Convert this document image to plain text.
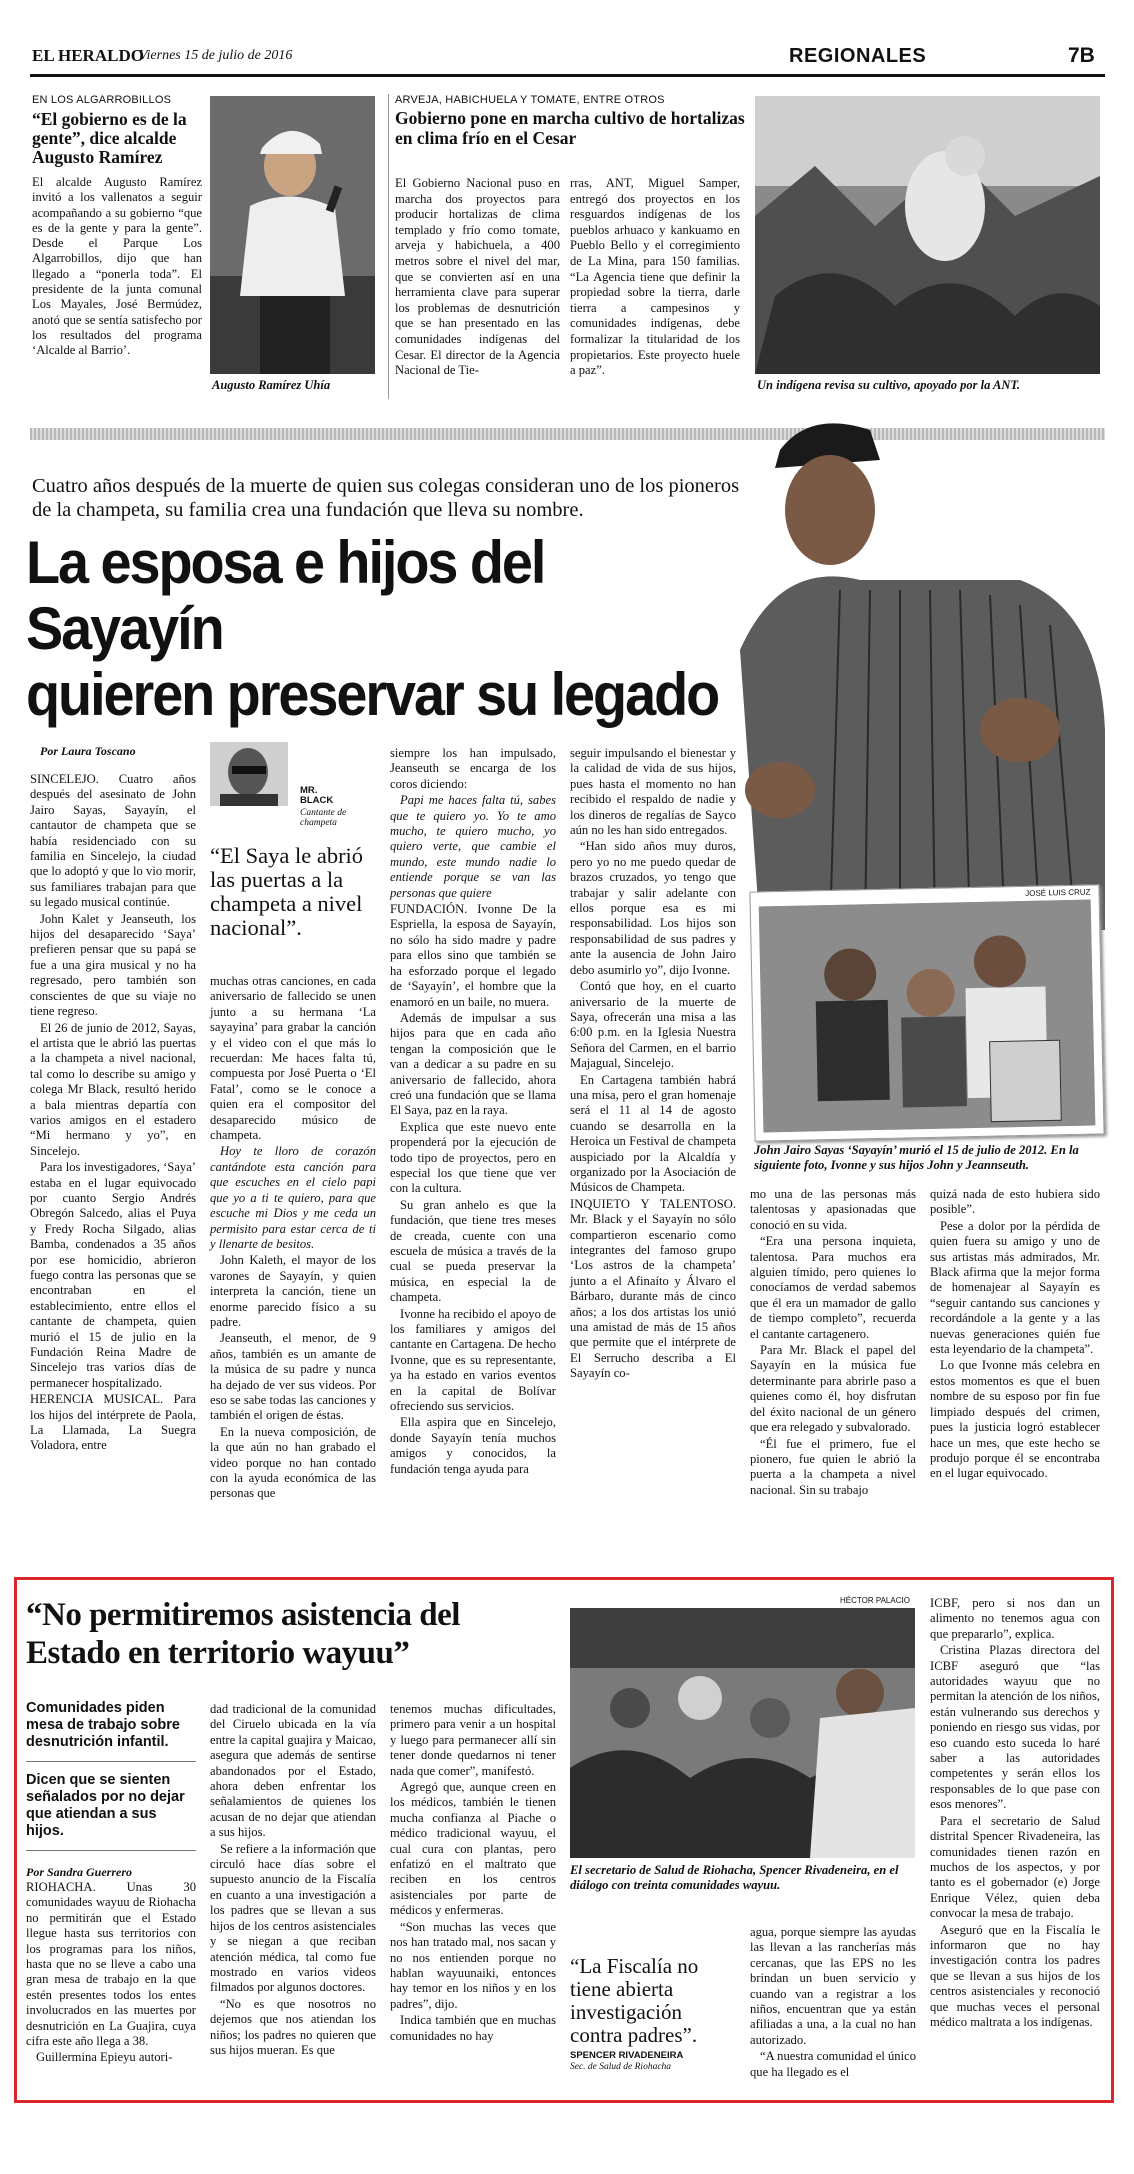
EL HERALDO
Viernes 15 de julio de 2016	REGIONALES	7B
EN LOS ALGARROBILLOS
“El gobierno es de la gente”, dice alcalde Augusto Ramírez
El alcalde Augusto Ramírez invitó a los vallenatos a seguir acompañando a su gobierno “que es de la gente y para la gente”. Desde el Parque Los Algarrobillos, dijo que han llegado a “ponerla toda”. El presidente de la junta comunal Los Mayales, José Bermúdez, anotó que se sentía satisfecho por los resultados del programa ‘Alcalde al Barrio’.
Augusto Ramírez Uhía
ARVEJA, HABICHUELA Y TOMATE, ENTRE OTROS
Gobierno pone en marcha cultivo de hortalizas en clima frío en el Cesar
El Gobierno Nacional puso en marcha dos proyectos para producir hortalizas de clima templado y frío como tomate, arveja y habichuela, a 400 metros sobre el nivel del mar, que se convierten así en una herramienta clave para superar los problemas de desnutrición que se han presentado en las comunidades indígenas del Cesar. El director de la Agencia Nacional de Tie-
rras, ANT, Miguel Samper, entregó dos proyectos en los resguardos indígenas de los pueblos arhuaco y kankuamo en Pueblo Bello y el corregimiento de La Mina, para 150 familias. “La Agencia tiene que definir la propiedad sobre la tierra, darle tierra a campesinos y comunidades indígenas, debe formalizar la titularidad de los propietarios. Este proyecto huele a paz”.
Un indígena revisa su cultivo, apoyado por la ANT.
Cuatro años después de la muerte de quien sus colegas consideran uno de los pioneros de la champeta, su familia crea una fundación que lleva su nombre.
La esposa e hijos del Sayayín
quieren preservar su legado
Por Laura Toscano
MR. BLACK
Cantante de champeta
“El Saya le abrió las puertas a la champeta a nivel nacional”.

SINCELEJO. Cuatro años después del asesinato de John Jairo Sayas, Sayayín, el cantautor de champeta que se había residenciado con su familia en Sincelejo, la ciudad que lo adoptó y que lo vio morir, sus familiares trabajan para que su legado musical continúe.

John Kalet y Jeanseuth, los hijos del desaparecido ‘Saya’ prefieren pensar que su papá se fue a una gira musical y no ha regresado, pero también son conscientes de que su viaje no tiene regreso.

El 26 de junio de 2012, Sayas, el artista que le abrió las puertas a la champeta a nivel nacional, tal como lo describe su amigo y colega Mr Black, resultó herido a bala mientras departía con varios amigos en el estadero “Mi hermano y yo”, en Sincelejo.

Para los investigadores, ‘Saya’ estaba en el lugar equivocado por cuanto Sergio Andrés Obregón Salcedo, alias el Puya y Fredy Rocha Silgado, alias Bamba, condenados a 35 años por ese homicidio, abrieron fuego contra las personas que se encontraban en el establecimiento, entre ellos el cantante de champeta, quien murió el 15 de julio en la Fundación Reina Madre de Sincelejo tras varios días de permanecer hospitalizado.

HERENCIA MUSICAL. Para los hijos del intérprete de Paola, La Llamada, La Suegra Voladora, entre

muchas otras canciones, en cada aniversario de fallecido se unen junto a su hermana ‘La sayayina’ para grabar la canción y el video con el que más lo recuerdan: Me haces falta tú, compuesta por José Puerta o ‘El Fatal’, como se le conoce a quien era el compositor del desaparecido músico de champeta.

Hoy te lloro de corazón cantándote esta canción para que escuches en el cielo papi que yo a ti te quiero, para que escuche mi Dios y me ceda un permisito para estar cerca de ti y llenarte de besitos.

John Kaleth, el mayor de los varones de Sayayín, y quien interpreta la canción, tiene un enorme parecido físico a su padre.

Jeanseuth, el menor, de 9 años, también es un amante de la música de su padre y nunca ha dejado de ver sus videos. Por eso se sabe todas las canciones y también el origen de éstas.

En la nueva composición, de la que aún no han grabado el video porque no han contado con la ayuda económica de las personas que

siempre los han impulsado, Jeanseuth se encarga de los coros diciendo:

Papi me haces falta tú, sabes que te quiero yo. Yo te amo mucho, te quiero mucho, yo quiero verte, que cambie el mundo, este mundo nadie lo entiende porque se van las personas que quiere

FUNDACIÓN. Ivonne De la Espriella, la esposa de Sayayín, no sólo ha sido madre y padre para ellos sino que también se ha esforzado porque el legado de ‘Sayayín’, el hombre que la enamoró en un baile, no muera.

Además de impulsar a sus hijos para que en cada año tengan la composición que le van a dedicar a su padre en su aniversario de fallecido, ahora creó una fundación que se llama El Saya, paz en la raya.

Explica que este nuevo ente propenderá por la ejecución de todo tipo de proyectos, pero en especial los que tiene que ver con la cultura.

Su gran anhelo es que la fundación, que tiene tres meses de creada, cuente con una escuela de música a través de la cual se pueda preservar la música, en especial la de champeta.

Ivonne ha recibido el apoyo de los familiares y amigos del cantante en Cartagena. De hecho Ivonne, que es su representante, ya ha estado en varios eventos en la capital de Bolívar ofreciendo sus servicios.

Ella aspira que en Sincelejo, donde Sayayín tenía muchos amigos y conocidos, la fundación tenga ayuda para

seguir impulsando el bienestar y la calidad de vida de sus hijos, pues hasta el momento no han recibido el respaldo de nadie y los dineros de regalías de Sayco aún no les han sido entregados.

“Han sido años muy duros, pero yo no me puedo quedar de brazos cruzados, yo tengo que trabajar y salir adelante con ellos porque esa es mi responsabilidad. Los hijos son responsabilidad de sus padres y ante la ausencia de John Jairo debo asumirlo yo”, dijo Ivonne.

Contó que hoy, en el cuarto aniversario de la muerte de Saya, ofrecerán una misa a las 6:00 p.m. en la Iglesia Nuestra Señora del Carmen, en el barrio Majagual, Sincelejo.

En Cartagena también habrá una misa, pero el gran homenaje será el 11 al 14 de agosto cuando se desarrolla en la Heroica un Festival de champeta auspiciado por la Alcaldía y organizado por la Asociación de Músicos de Champeta.

INQUIETO Y TALENTOSO. Mr. Black y el Sayayín no sólo compartieron escenario como integrantes del famoso grupo ‘Los astros de la champeta’ junto a el Afinaíto y Álvaro el Bárbaro, durante más de cinco años; a los dos artistas los unió una amistad de más de 15 años que permite que el intérprete de El Serrucho describa a El Sayayín co-

JOSÉ LUIS CRUZ
John Jairo Sayas ‘Sayayín’ murió el 15 de julio de 2012. En la siguiente foto, Ivonne y sus hijos John y Jeannseuth.

mo una de las personas más talentosas y apasionadas que conoció en su vida.

“Era una persona inquieta, talentosa. Para muchos era alguien tímido, pero quienes lo conocíamos de verdad sabemos que él era un mamador de gallo de tiempo completo”, recuerda el cantante cartagenero.

Para Mr. Black el papel del Sayayín en la música fue determinante para abrirle paso a quienes como él, hoy disfrutan del éxito nacional de un género que era relegado y subvalorado.

“Él fue el primero, fue el pionero, fue quien le abrió la puerta a la champeta a nivel nacional. Sin su trabajo

quizá nada de esto hubiera sido posible”.

Pese a dolor por la pérdida de quien fuera su amigo y uno de sus artistas más admirados, Mr. Black afirma que la mejor forma de homenajear al Sayayín es “seguir cantando sus canciones y recordándole a la gente y a las nuevas generaciones quién fue esta leyendario de la champeta”.

Lo que Ivonne más celebra en estos momentos es que el buen nombre de su esposo por fin fue limpiado después del crimen, pues la justicia logró establecer hace un mes, que este hecho se produjo porque él se encontraba en el lugar equivocado.

“No permitiremos asistencia del Estado en territorio wayuu”
Comunidades piden mesa de trabajo sobre desnutrición infantil.
Dicen que se sienten señalados por no dejar que atiendan a sus hijos.
Por Sandra Guerrero

RIOHACHA. Unas 30 comunidades wayuu de Riohacha no permitirán que el Estado llegue hasta sus territorios con los programas para los niños, hasta que no se lleve a cabo una gran mesa de trabajo en la que estén presentes todos los entes involucrados en las muertes por desnutrición en La Guajira, cuya cifra este año llega a 38.

Guillermina Epieyu autori-

dad tradicional de la comunidad del Ciruelo ubicada en la vía entre la capital guajira y Maicao, asegura que además de sentirse abandonados por el Estado, ahora deben enfrentar los señalamientos de quienes los acusan de no dejar que atiendan a sus hijos.

Se refiere a la información que circuló hace días sobre el supuesto anuncio de la Fiscalía en cuanto a una investigación a los padres que se llevan a sus hijos de los centros asistenciales y se niegan a que reciban atención médica, tal como fue mostrado en varios videos filmados por algunos doctores.

“No es que nosotros no dejemos que nos atiendan los niños; los padres no quieren que sus hijos mueran. Es que

tenemos muchas dificultades, primero para venir a un hospital y luego para permanecer allí sin tener donde quedarnos ni tener nada que comer”, manifestó.

Agregó que, aunque creen en los médicos, también le tienen mucha confianza al Piache o médico tradicional wayuu, el cual cura con plantas, pero enfatizó en el maltrato que reciben en los centros asistenciales por parte de médicos y enfermeras.

“Son muchas las veces que nos han tratado mal, nos sacan y no nos entienden porque no hablan wayuunaiki, entonces hay temor en los niños y en los padres”, dijo.

Indica también que en muchas comunidades no hay

HÉCTOR PALACIO
El secretario de Salud de Riohacha, Spencer Rivadeneira, en el diálogo con treinta comunidades wayuu.
“La Fiscalía no tiene abierta investigación contra padres”.
SPENCER RIVADENEIRA
Sec. de Salud de Riohacha

agua, porque siempre las ayudas las llevan a las rancherías más cercanas, que las EPS no les brindan un buen servicio y cuando van a registrar a los niños, encuentran que ya están afiliadas a una, a la cual no han autorizado.

“A nuestra comunidad el único que ha llegado es el

ICBF, pero si nos dan un alimento no tenemos agua con que prepararlo”, explica.

Cristina Plazas directora del ICBF aseguró que “las autoridades wayuu que no permitan la atención de los niños, están vulnerando sus derechos y poniendo en riesgo sus vidas, por eso cuando esto suceda lo haré saber a las autoridades competentes y serán ellos los responsables de lo que pase con esos menores”.

Para el secretario de Salud distrital Spencer Rivadeneira, las comunidades tienen razón en muchos de los aspectos, y por tanto es el gobernador (e) Jorge Enrique Vélez, quien deba convocar la mesa de trabajo.

Aseguró que en la Fiscalía le informaron que no hay investigación contra los padres que se llevan a sus hijos de los centros asistenciales y reconoció que muchas veces el personal médico maltrata a los indígenas.
